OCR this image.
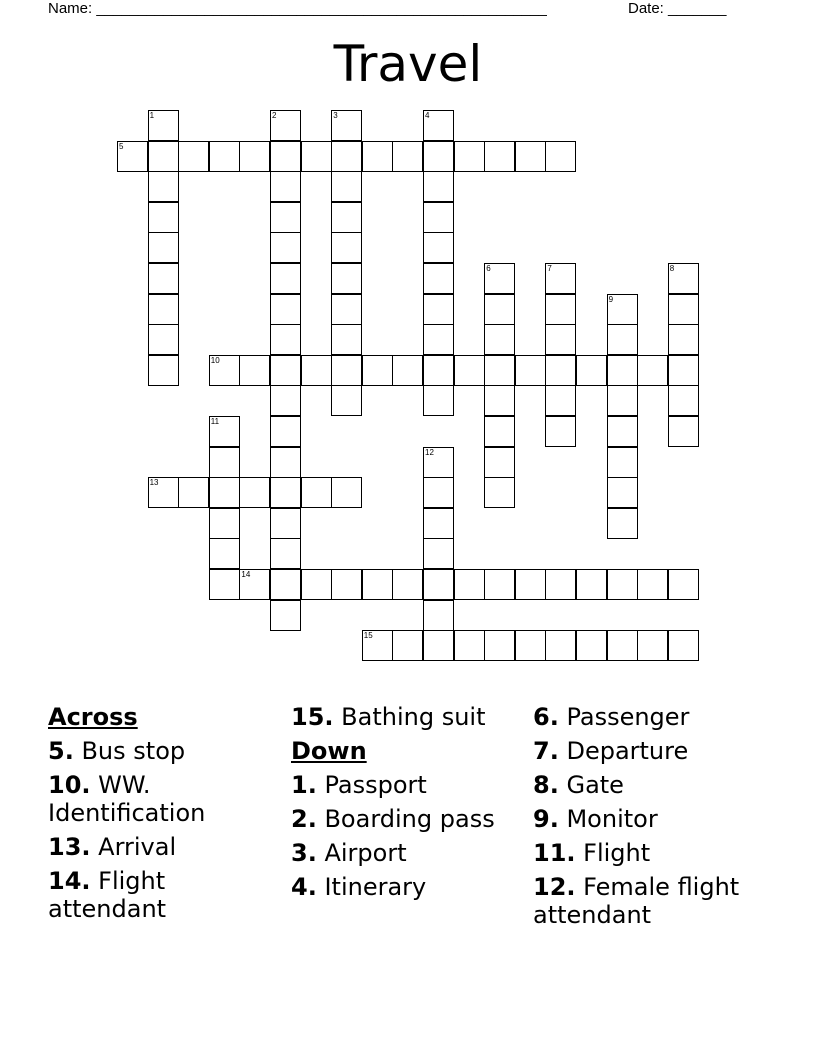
Name: ______________________________________________________	Date: _______
Travel
5
10
13
14
15
1	2	3	4
6	7	8
9
11
12
Across
5. Bus stop
10. WW. Identification
13. Arrival
14. Flight attendant
15. Bathing suit
Down
1. Passport
2. Boarding pass
3. Airport
4. Itinerary
6. Passenger
7. Departure
8. Gate
9. Monitor
11. Flight
12. Female flight attendant
